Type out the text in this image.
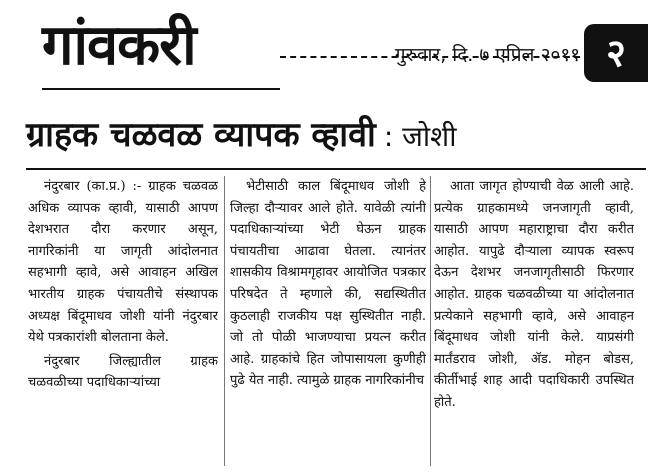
गांवकरी	गुरुवार, दि. ७ एप्रिल २०११ २
ग्राहक चळवळ व्यापक व्हावी : जोशी

नंदुरबार (का.प्र.) :- ग्राहक चळवळ अधिक व्यापक व्हावी, यासाठी आपण देशभरात दौरा करणार असून, नागरिकांनी या जागृती आंदोलनात सहभागी व्हावे, असे आवाहन अखिल भारतीय ग्राहक पंचायतीचे संस्थापक अध्यक्ष बिंदूमाधव जोशी यांनी नंदुरबार येथे पत्रकारांशी बोलताना केले.

नंदुरबार जिल्ह्यातील ग्राहक चळवळीच्या पदाधिकाऱ्यांच्या

भेटीसाठी काल बिंदूमाधव जोशी हे जिल्हा दौऱ्यावर आले होते. यावेळी त्यांनी पदाधिकाऱ्यांच्या भेटी घेऊन ग्राहक पंचायतीचा आढावा घेतला. त्यानंतर शासकीय विश्रामगृहावर आयोजित पत्रकार परिषदेत ते म्हणाले की, सद्यस्थितीत कुठलाही राजकीय पक्ष सुस्थितीत नाही. जो तो पोळी भाजण्याचा प्रयत्न करीत आहे. ग्राहकांचे हित जोपासायला कुणीही पुढे येत नाही. त्यामुळे ग्राहक नागरिकांनीच

आता जागृत होण्याची वेळ आली आहे. प्रत्येक ग्राहकामध्ये जनजागृती व्हावी, यासाठी आपण महाराष्ट्राचा दौरा करीत आहोत. यापुढे दौऱ्याला व्यापक स्वरूप देऊन देशभर जनजागृतीसाठी फिरणार आहोत. ग्राहक चळवळीच्या या आंदोलनात प्रत्येकाने सहभागी व्हावे, असे आवाहन बिंदूमाधव जोशी यांनी केले. याप्रसंगी मार्तंडराव जोशी, ॲड. मोहन बोडस, कीर्तीभाई शाह आदी पदाधिकारी उपस्थित होते.
